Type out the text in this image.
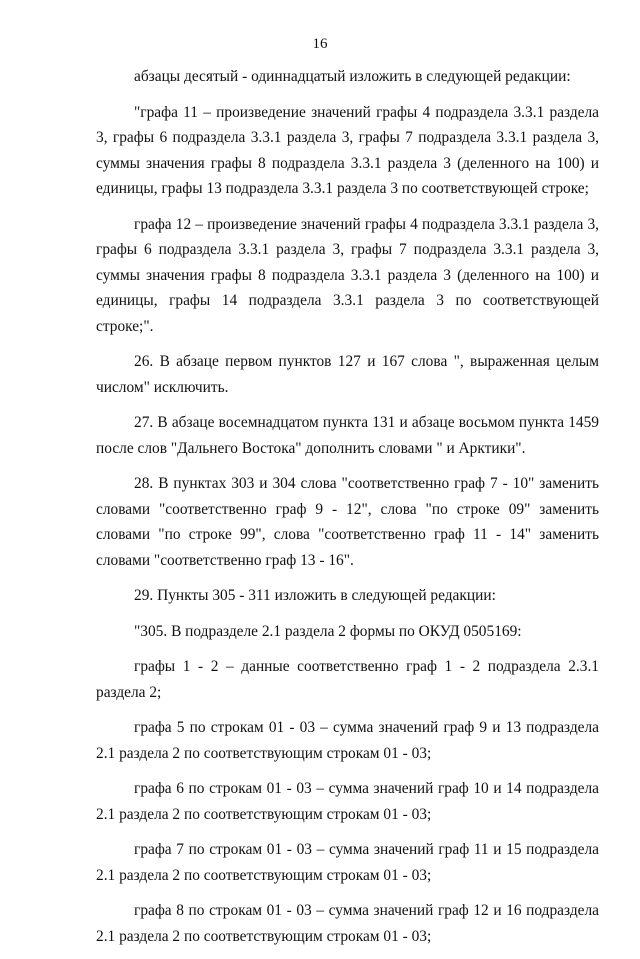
16

абзацы десятый - одиннадцатый изложить в следующей редакции:

"графа 11 – произведение значений графы 4 подраздела 3.3.1 раздела 3, графы 6 подраздела 3.3.1 раздела 3, графы 7 подраздела 3.3.1 раздела 3, суммы значения графы 8 подраздела 3.3.1 раздела 3 (деленного на 100) и единицы, графы 13 подраздела 3.3.1 раздела 3 по соответствующей строке;

графа 12 – произведение значений графы 4 подраздела 3.3.1 раздела 3, графы 6 подраздела 3.3.1 раздела 3, графы 7 подраздела 3.3.1 раздела 3, суммы значения графы 8 подраздела 3.3.1 раздела 3 (деленного на 100) и единицы, графы 14 подраздела 3.3.1 раздела 3 по соответствующей строке;".

26. В абзаце первом пунктов 127 и 167 слова ", выраженная целым числом" исключить.

27. В абзаце восемнадцатом пункта 131 и абзаце восьмом пункта 1459 после слов "Дальнего Востока" дополнить словами " и Арктики".

28. В пунктах 303 и 304 слова "соответственно граф 7 - 10" заменить словами "соответственно граф 9 - 12", слова "по строке 09" заменить словами "по строке 99", слова "соответственно граф 11 - 14" заменить словами "соответственно граф 13 - 16".

29. Пункты 305 - 311 изложить в следующей редакции:

"305. В подразделе 2.1 раздела 2 формы по ОКУД 0505169:

графы 1 - 2 – данные соответственно граф 1 - 2 подраздела 2.3.1 раздела 2;

графа 5 по строкам 01 - 03 – сумма значений граф 9 и 13 подраздела 2.1 раздела 2 по соответствующим строкам 01 - 03;

графа 6 по строкам 01 - 03 – сумма значений граф 10 и 14 подраздела 2.1 раздела 2 по соответствующим строкам 01 - 03;

графа 7 по строкам 01 - 03 – сумма значений граф 11 и 15 подраздела 2.1 раздела 2 по соответствующим строкам 01 - 03;

графа 8 по строкам 01 - 03 – сумма значений граф 12 и 16 подраздела 2.1 раздела 2 по соответствующим строкам 01 - 03;
